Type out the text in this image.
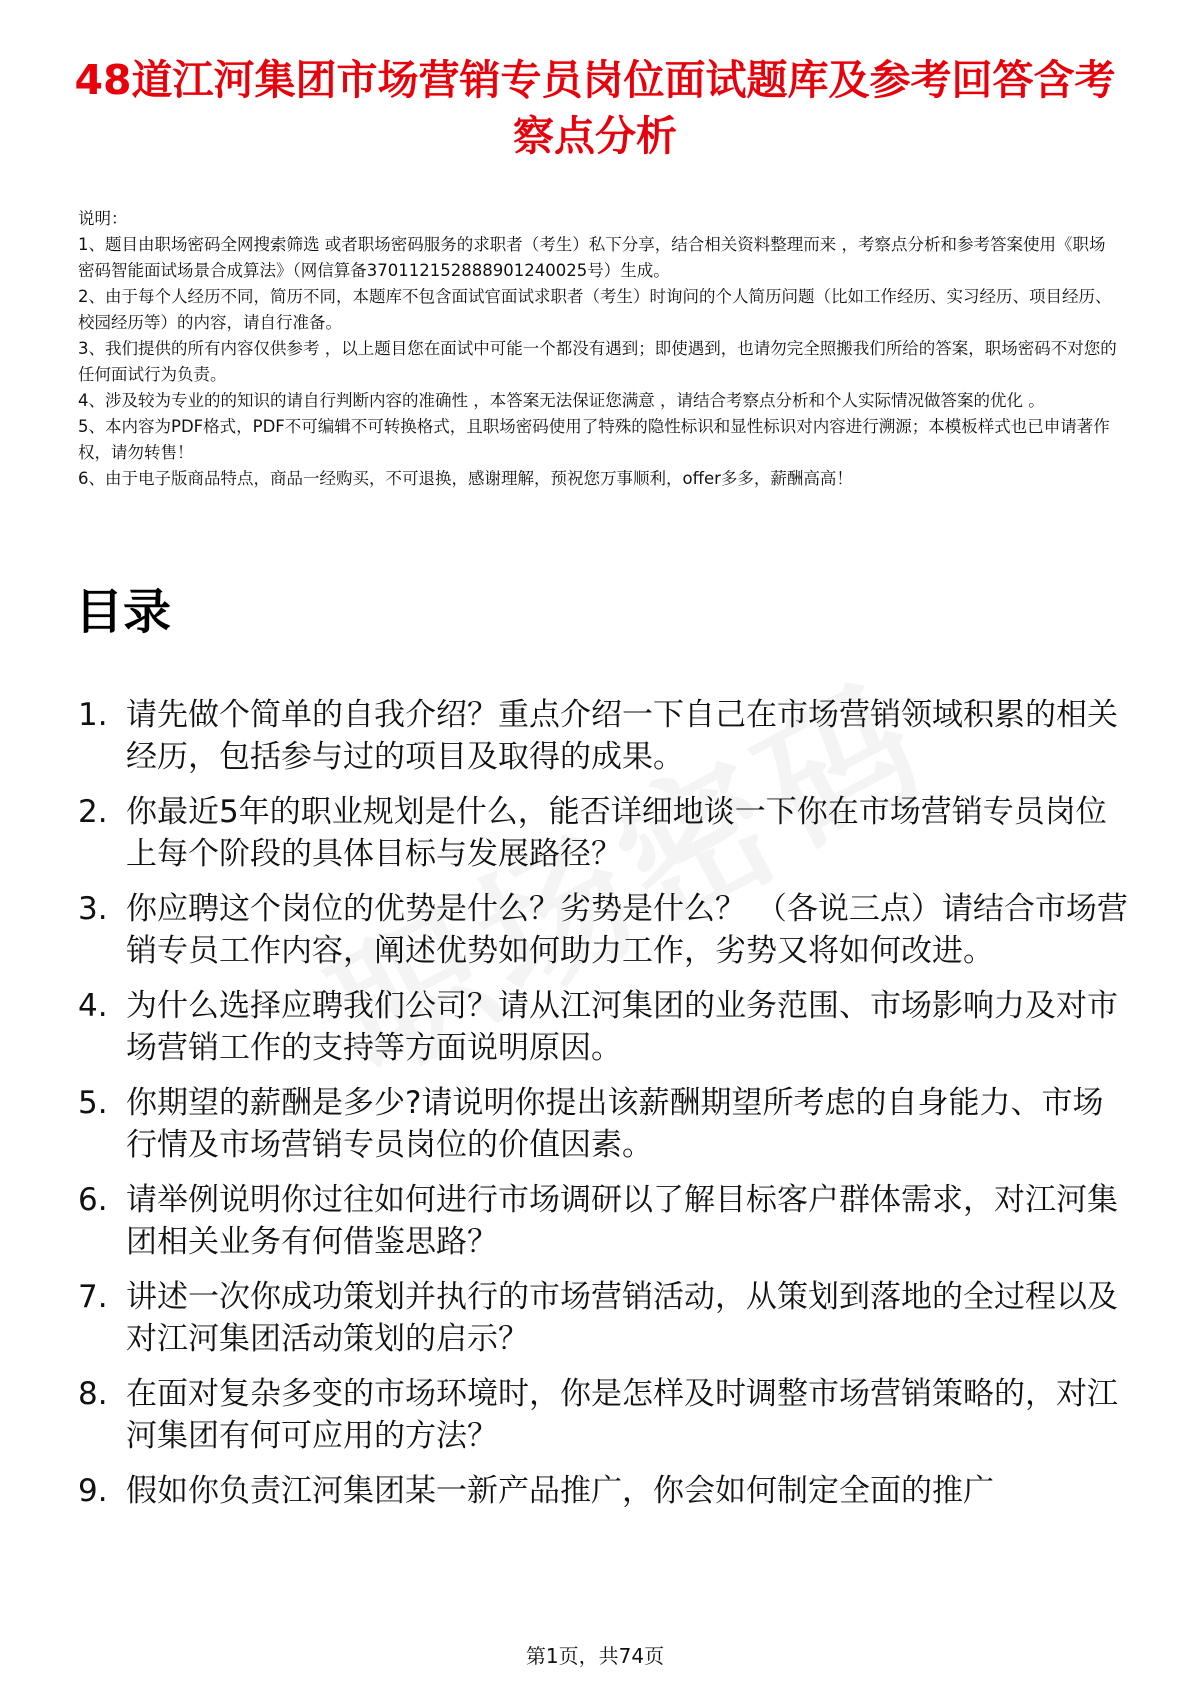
48道江河集团市场营销专员岗位面试题库及参考回答含考察点分析

说明：

1、题目由职场密码全网搜索筛选 或者职场密码服务的求职者（考生）私下分享，结合相关资料整理而来 ，考察点分析和参考答案使用《职场密码智能面试场景合成算法》（网信算备370112152888901240025号）生成。

2、由于每个人经历不同，简历不同，本题库不包含面试官面试求职者（考生）时询问的个人简历问题（比如工作经历、实习经历、项目经历、校园经历等）的内容，请自行准备。

3、我们提供的所有内容仅供参考 ，以上题目您在面试中可能一个都没有遇到；即使遇到，也请勿完全照搬我们所给的答案，职场密码不对您的任何面试行为负责。

4、涉及较为专业的的知识的请自行判断内容的准确性 ，本答案无法保证您满意 ，请结合考察点分析和个人实际情况做答案的优化 。

5、本内容为PDF格式，PDF不可编辑不可转换格式，且职场密码使用了特殊的隐性标识和显性标识对内容进行溯源；本模板样式也已申请著作权，请勿转售！

6、由于电子版商品特点，商品一经购买，不可退换，感谢理解，预祝您万事顺利，offer多多，薪酬高高！

目录
1. 请先做个简单的自我介绍？重点介绍一下自己在市场营销领域积累的相关经历，包括参与过的项目及取得的成果。
2. 你最近5年的职业规划是什么，能否详细地谈一下你在市场营销专员岗位上每个阶段的具体目标与发展路径？
3. 你应聘这个岗位的优势是什么？劣势是什么？ （各说三点）请结合市场营销专员工作内容，阐述优势如何助力工作，劣势又将如何改进。
4. 为什么选择应聘我们公司？请从江河集团的业务范围、市场影响力及对市场营销工作的支持等方面说明原因。
5. 你期望的薪酬是多少?请说明你提出该薪酬期望所考虑的自身能力、市场行情及市场营销专员岗位的价值因素。
6. 请举例说明你过往如何进行市场调研以了解目标客户群体需求，对江河集团相关业务有何借鉴思路？
7. 讲述一次你成功策划并执行的市场营销活动，从策划到落地的全过程以及对江河集团活动策划的启示？
8. 在面对复杂多变的市场环境时，你是怎样及时调整市场营销策略的，对江河集团有何可应用的方法？
9. 假如你负责江河集团某一新产品推广，你会如何制定全面的推广
第1页，共74页
